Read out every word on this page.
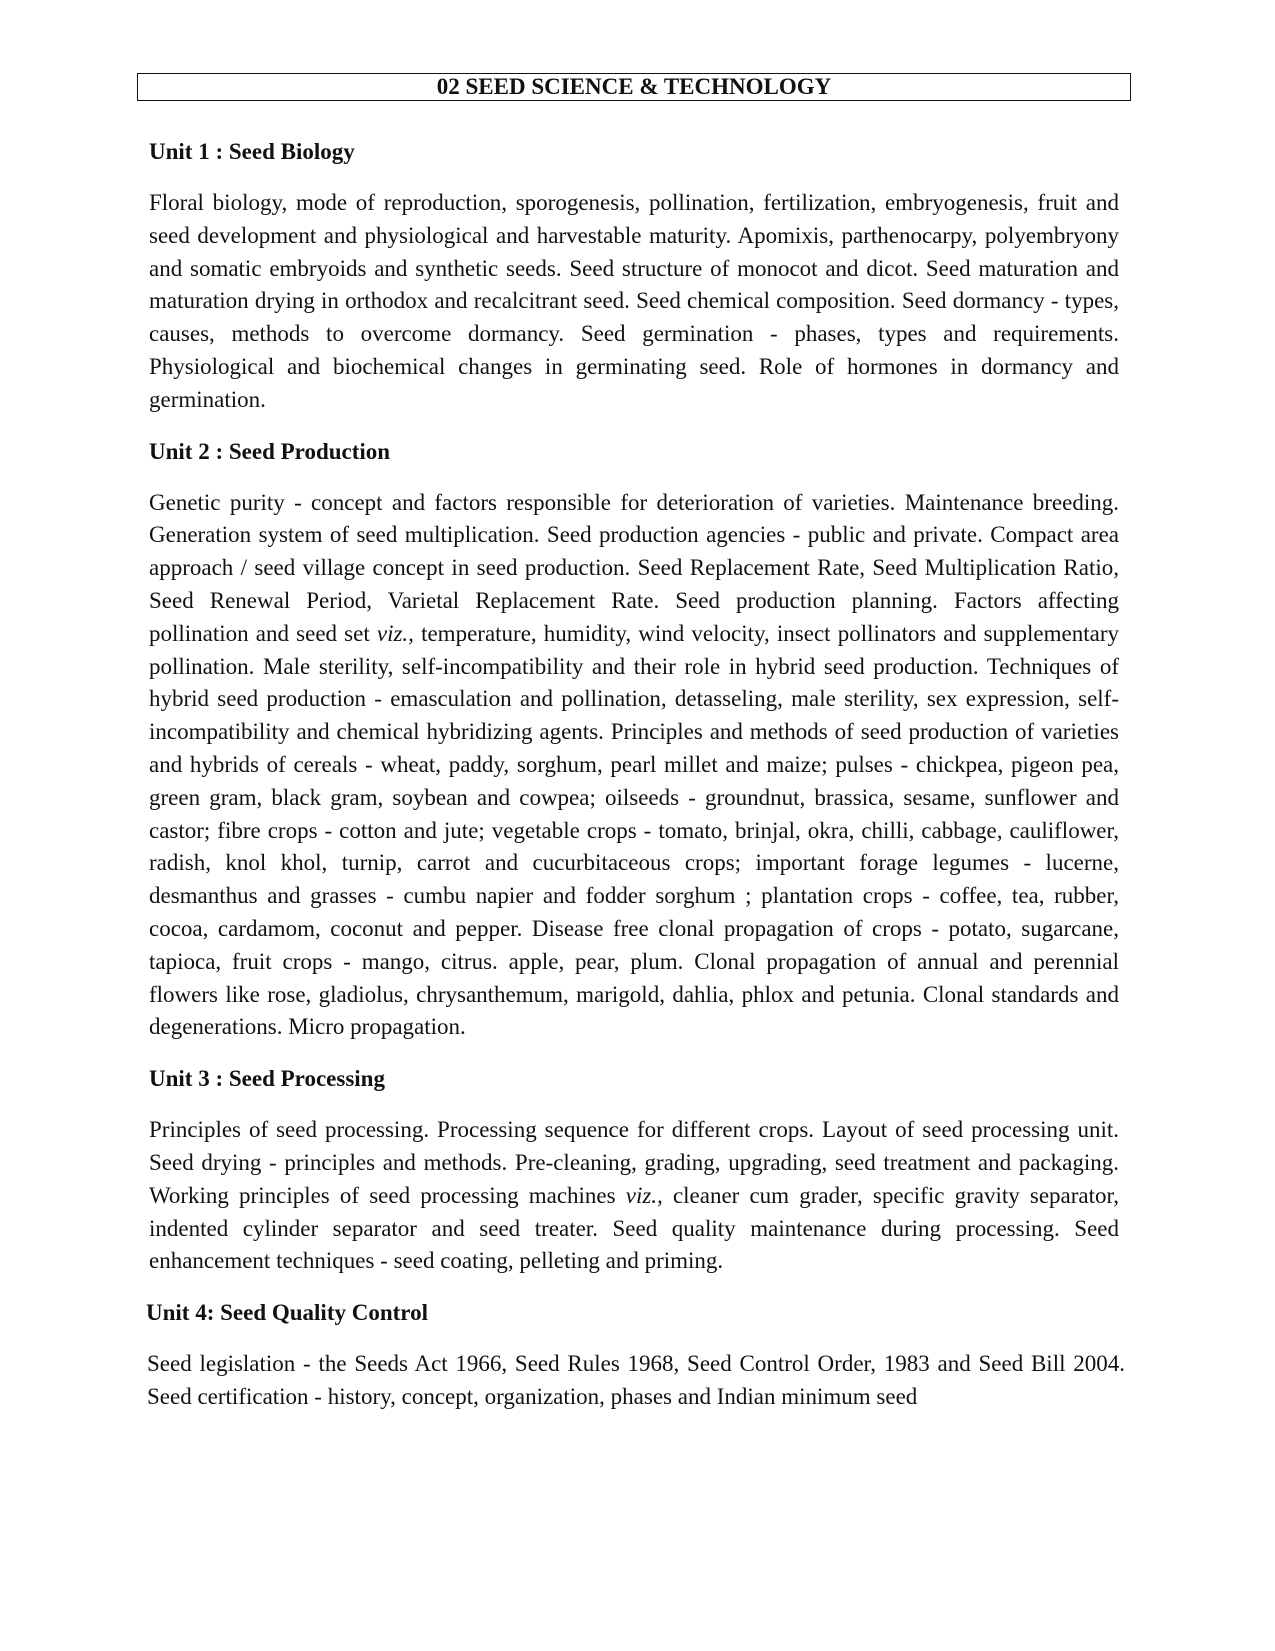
02 SEED SCIENCE & TECHNOLOGY
Unit 1 : Seed Biology
Floral biology, mode of reproduction, sporogenesis, pollination, fertilization, embryogenesis, fruit and seed development and physiological and harvestable maturity. Apomixis, parthenocarpy, polyembryony and somatic embryoids and synthetic seeds. Seed structure of monocot and dicot. Seed maturation and maturation drying in orthodox and recalcitrant seed. Seed chemical composition. Seed dormancy - types, causes, methods to overcome dormancy. Seed germination - phases, types and requirements. Physiological and biochemical changes in germinating seed. Role of hormones in dormancy and germination.
Unit 2 : Seed Production
Genetic purity - concept and factors responsible for deterioration of varieties. Maintenance breeding. Generation system of seed multiplication. Seed production agencies - public and private. Compact area approach / seed village concept in seed production. Seed Replacement Rate, Seed Multiplication Ratio, Seed Renewal Period, Varietal Replacement Rate. Seed production planning. Factors affecting pollination and seed set viz., temperature, humidity, wind velocity, insect pollinators and supplementary pollination. Male sterility, self-incompatibility and their role in hybrid seed production. Techniques of hybrid seed production - emasculation and pollination, detasseling, male sterility, sex expression, self-incompatibility and chemical hybridizing agents. Principles and methods of seed production of varieties and hybrids of cereals - wheat, paddy, sorghum, pearl millet and maize; pulses - chickpea, pigeon pea, green gram, black gram, soybean and cowpea; oilseeds - groundnut, brassica, sesame, sunflower and castor; fibre crops - cotton and jute; vegetable crops - tomato, brinjal, okra, chilli, cabbage, cauliflower, radish, knol khol, turnip, carrot and cucurbitaceous crops; important forage legumes - lucerne, desmanthus and grasses - cumbu napier and fodder sorghum ; plantation crops - coffee, tea, rubber, cocoa, cardamom, coconut and pepper. Disease free clonal propagation of crops - potato, sugarcane, tapioca, fruit crops - mango, citrus. apple, pear, plum. Clonal propagation of annual and perennial flowers like rose, gladiolus, chrysanthemum, marigold, dahlia, phlox and petunia. Clonal standards and degenerations. Micro propagation.
Unit 3 : Seed Processing
Principles of seed processing. Processing sequence for different crops. Layout of seed processing unit. Seed drying - principles and methods. Pre-cleaning, grading, upgrading, seed treatment and packaging. Working principles of seed processing machines viz., cleaner cum grader, specific gravity separator, indented cylinder separator and seed treater. Seed quality maintenance during processing. Seed enhancement techniques - seed coating, pelleting and priming.
Unit 4: Seed Quality Control
Seed legislation - the Seeds Act 1966, Seed Rules 1968, Seed Control Order, 1983 and Seed Bill 2004. Seed certification - history, concept, organization, phases and Indian minimum seed
